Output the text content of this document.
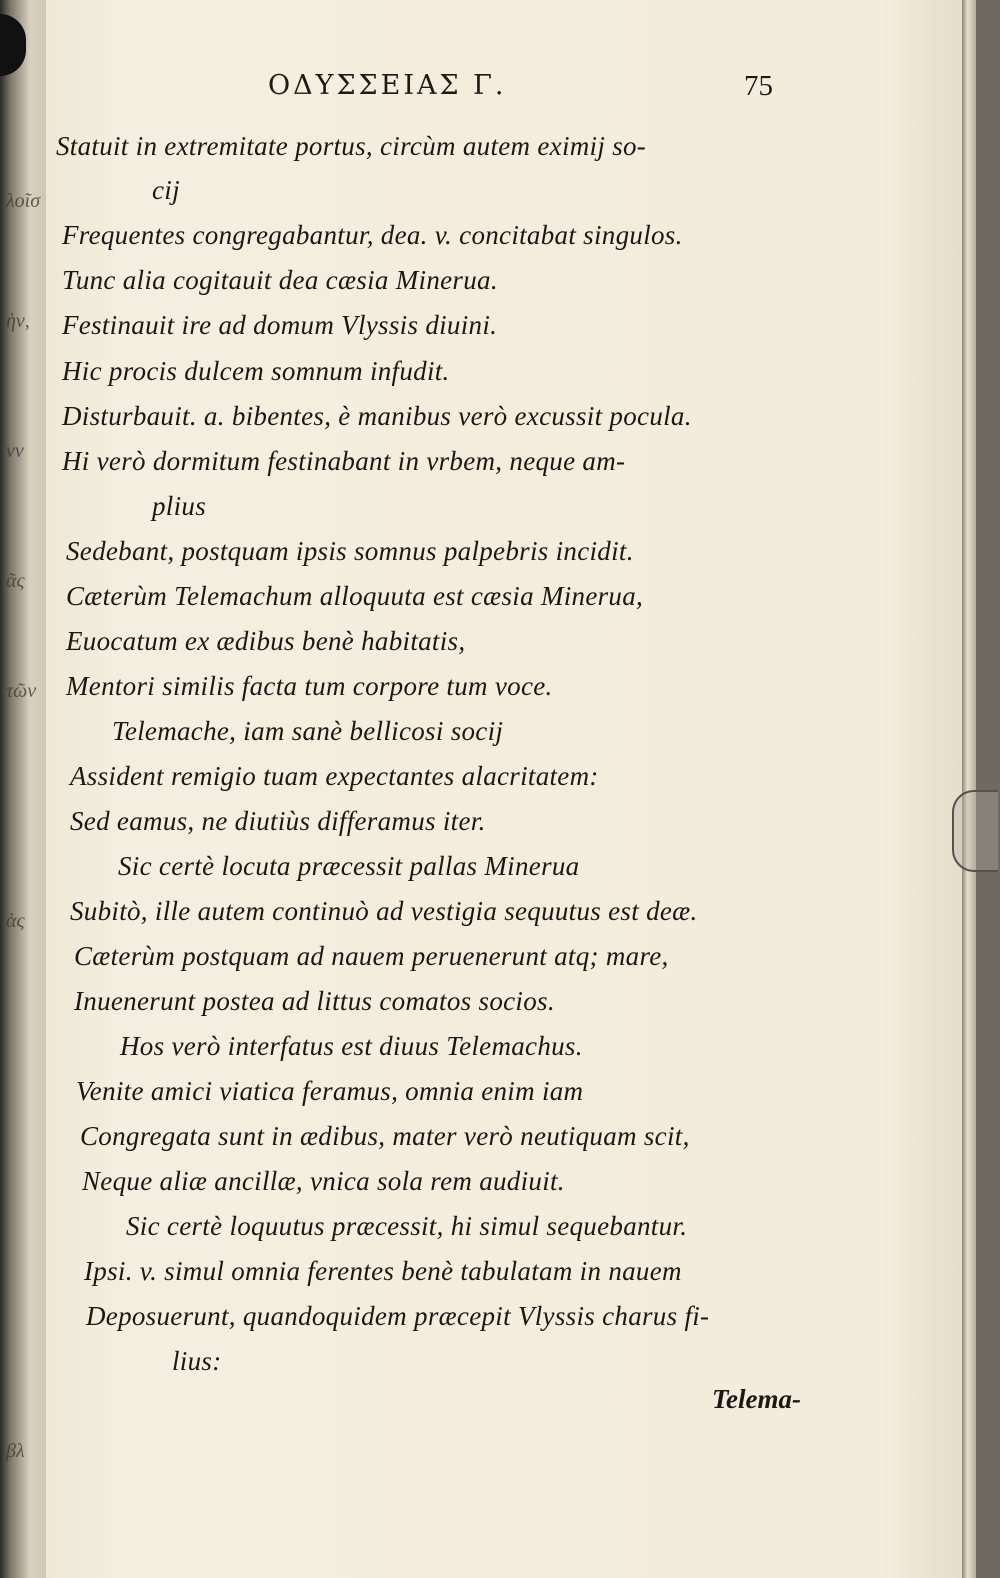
λοῖσ
ὴν,
νν
ᾶς
τῶν
ὰς
βλ
ΟΔΥΣΣΕΙΑΣ Γ.	75
Statuit in extremitate portus, circùm autem eximij so-
cij
Frequentes congregabantur, dea. v. concitabat singulos.
Tunc alia cogitauit dea cæsia Minerua.
Festinauit ire ad domum Vlyssis diuini.
Hic procis dulcem somnum infudit.
Disturbauit. a. bibentes, è manibus verò excussit pocula.
Hi verò dormitum festinabant in vrbem, neque am-
plius
Sedebant, postquam ipsis somnus palpebris incidit.
Cæterùm Telemachum alloquuta est cæsia Minerua,
Euocatum ex ædibus benè habitatis,
Mentori similis facta tum corpore tum voce.
Telemache, iam sanè bellicosi socij
Assident remigio tuam expectantes alacritatem:
Sed eamus, ne diutiùs differamus iter.
Sic certè locuta præcessit pallas Minerua
Subitò, ille autem continuò ad vestigia sequutus est deæ.
Cæterùm postquam ad nauem peruenerunt atq; mare,
Inuenerunt postea ad littus comatos socios.
Hos verò interfatus est diuus Telemachus.
Venite amici viatica feramus, omnia enim iam
Congregata sunt in ædibus, mater verò neutiquam scit,
Neque aliæ ancillæ, vnica sola rem audiuit.
Sic certè loquutus præcessit, hi simul sequebantur.
Ipsi. v. simul omnia ferentes benè tabulatam in nauem
Deposuerunt, quandoquidem præcepit Vlyssis charus fi-
lius:
Telema-
